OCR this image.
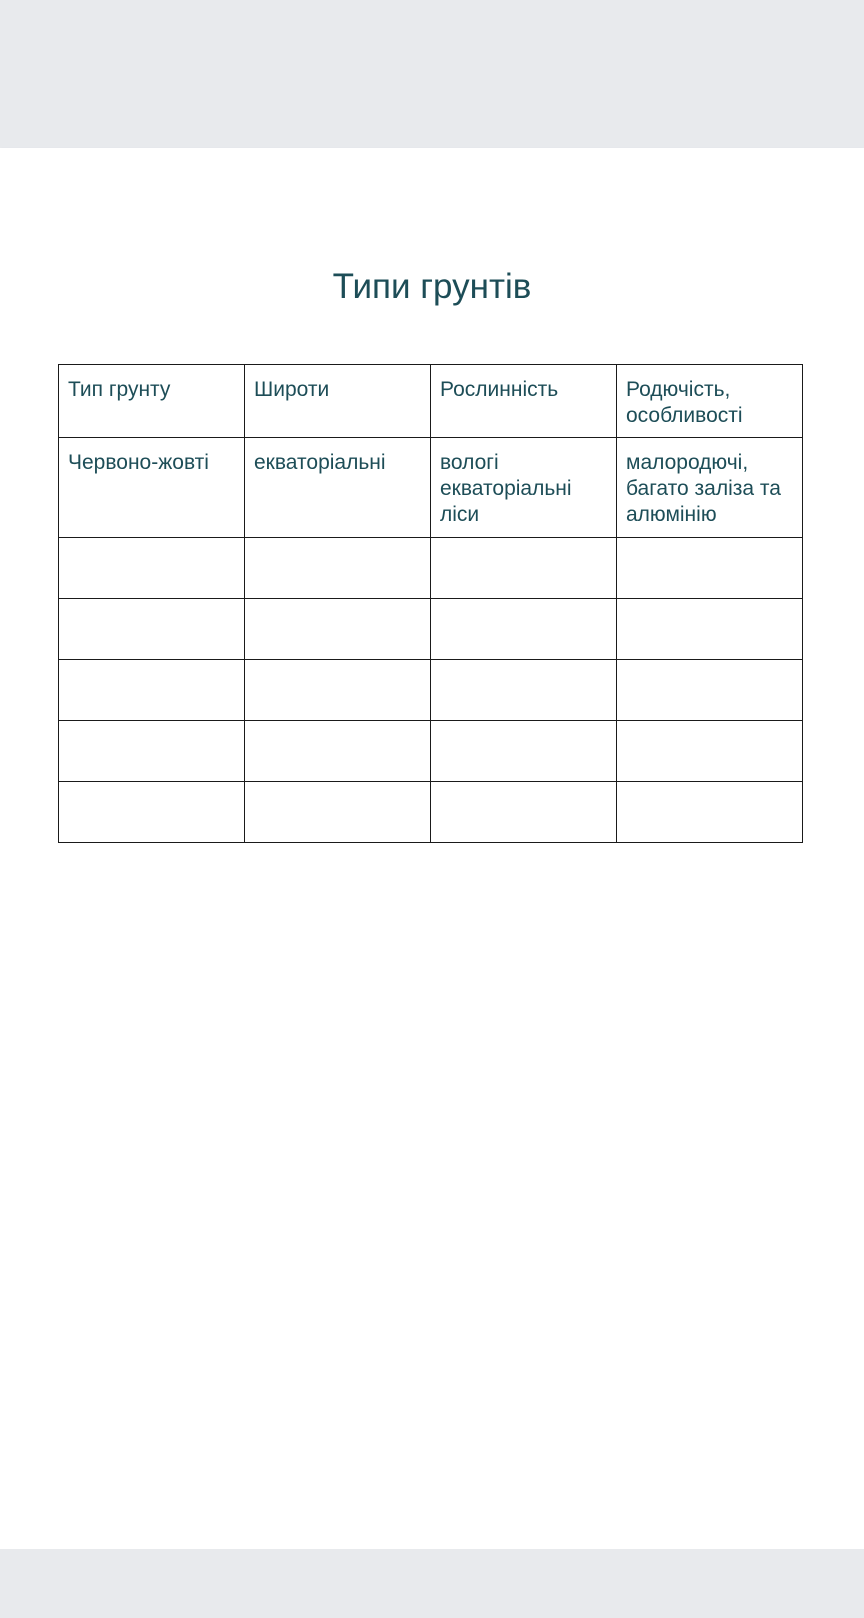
Типи грунтів
Тип грунту	Широти	Рослинність	Родючість, особливості
Червоно-жовті	екваторіальні	вологі екваторіальні ліси	малородючі, багато заліза та алюмінію
